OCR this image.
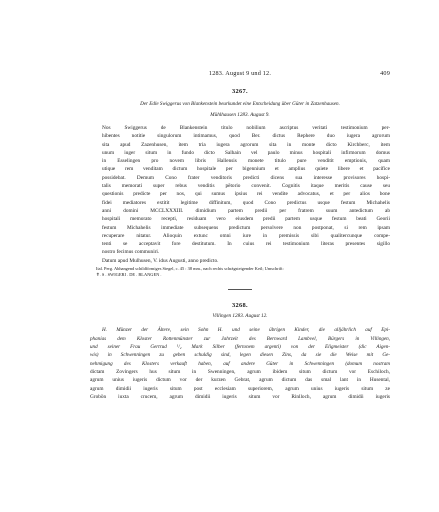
1283. August 9 und 12.	409
3267.
Der Edle Swiggerus von Blankenstein beurkundet eine Entscheidung über Güter in Zatzenhausen.
Mühlhausen 1283. August 9.

Nos Swiggerus de Blankenstein titulo nobilium ascriptus veritati testimonium per-
hibentes notitie singulorum intimamus, quod Ber. dictus Rephere duo iugera agrorum
sita apud Zazenhusen, item tria iugera agrorum sita in monte dicto Kirchberc, item
unum iuger situm in fundo dicto Salhain vel paulo minus hospitali infirmorum domus
in Esselingen pro novem libris Hallensis monete titulo pure venditit emptionis, quam
utique rem venditam dictum hospitale per bigennium et amplius quiete libere et pacifice
possidebat. Demum Cono frater venditoris predicti dicens sua interesse provisores hospi-
talis memorati super rebus venditis pētorio convenit. Cognitis itaque meritis cause seu
questionis predicte per nos, qui sumus ipsius rei vendite advocatus, et per alios bone
fidei mediatores extitit legitime diffinitum, quod Cono predictus usque festum Michahelis
anni domini MCCLXXXIII. dimidium partem predii per fratrem suum antedictum ab
hospitali memorato recepti, residuam vero eiusdem predii partem usque festum beati Georii
festum Michahelis immediate subsequens predictum persolvere non postponat, si rem ipsam
recuperare nitatur. Alioquin extunc omni iure in premissis sibi qualitercunque compe-
tenti se acceptavit fore destitutum. In cuius rei testimonium literas presentes sigillo
nostro fecimus communiri.

Datum apud Mulhusen, V. idus Augusti, anno predicto.

Ital. Perg. Abhangend schildförmiges Siegel, c. 45 : 38 mm., nach rechts schrägsteigender Keil; Umschrift:
✝. S . SWIGERI . DE . BLANGEN .
3268.
Villingen 1283. August 12.
H. Münzer der Ältere, sein Sohn H. und seine übrigen Kinder, die alljährlich auf Epi-
phanias dem Kloster Rottenmünster zur Jahrzeit des Bernward Lambvel, Bürgers in Villingen,
und seiner Frau Gertrud ¹/₂ Mark Silber (fertonem argenti) von der Eligmeister (dic Aigen-
wis) in Schwenningen zu geben schuldig sind, legen diesen Zins, da sie die Weise mit Ge-
nehmigung des Klosters verkauft haben, auf andere Güter in Schwenningen (domum nostram
dictam Zovingers hus situm in Swenningen, agrum ibidem situm dictum vor Eschiloch,
agrum unius iugeris dictum vor der kurzen Gebrat, agrum dictum das smal lant in Husental,
agrum dimidii iugeris situm post ecclesiam superiorem, agrum unius iugeris situm ze
Grobön iuxta crucem, agrum dimidii iugeris situm vor Rinlloch, agrum dimidii iugeris
